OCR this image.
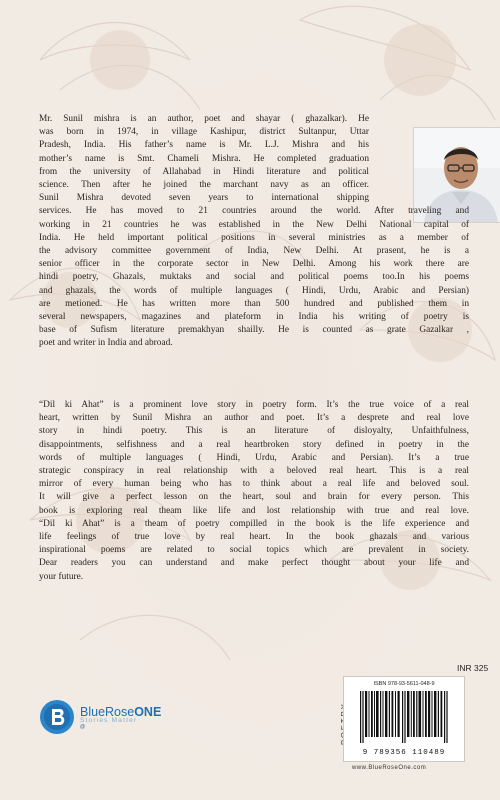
Mr. Sunil mishra is an author, poet and shayar ( ghazalkar). He
was born in 1974, in village Kashipur, district Sultanpur, Uttar
Pradesh, India. His father’s name is Mr. L.J. Mishra and his
mother’s name is Smt. Chameli Mishra. He completed graduation
from the university of Allahabad in Hindi literature and political
science. Then after he joined the marchant navy as an officer.
Sunil Mishra devoted seven years to international shipping
services. He has moved to 21 countries around the world. After traveling and
working in 21 countries he was established in the New Delhi National capital of
India. He held important political positions in several ministries as a member of
the advisory committee government of India, New Delhi. At prasent, he is a
senior officer in the corporate sector in New Delhi. Among his work there are
hindi poetry, Ghazals, muktaks and social and political poems too.In his poems
and ghazals, the words of multiple languages ( Hindi, Urdu, Arabic and Persian)
are metioned. He has written more than 500 hundred and published them in
several newspapers, magazines and plateform in India his writing of poetry is
base of Sufism literature premakhyan shailly. He is counted as grate Gazalkar ,
poet and writer in India and abroad.

“Dil ki Ahat” is a prominent love story in poetry form. It’s the true voice of a real
heart, written by Sunil Mishra an author and poet. It’s a desprete and real love
story in hindi poetry. This is an literature of disloyalty, Unfaithfulness,
disappointments, selfishness and a real heartbroken story defined in poetry in the
words of multiple languages ( Hindi, Urdu, Arabic and Persian). It’s a true
strategic conspiracy in real relationship with a beloved real heart. This is a real
mirror of every human being who has to think about a real life and beloved soul.
It will give a perfect lesson on the heart, soul and brain for every person. This
book is exploring real theam like life and lost relationship with true and real love.
“Dil ki Ahat” is a theam of poetry compilled in the book is the life experience and
life feelings of true love by real heart. In the book ghazals and various
inspirational poems are related to social topics which are prevalent in society.
Dear readers you can understand and make perfect thought about your life and
your future.

INR 325
ISBN 978-93-5611-048-9
9 789356 110489
www.BlueRoseOne.com
BlueRoseONE
Stories Matter
@
